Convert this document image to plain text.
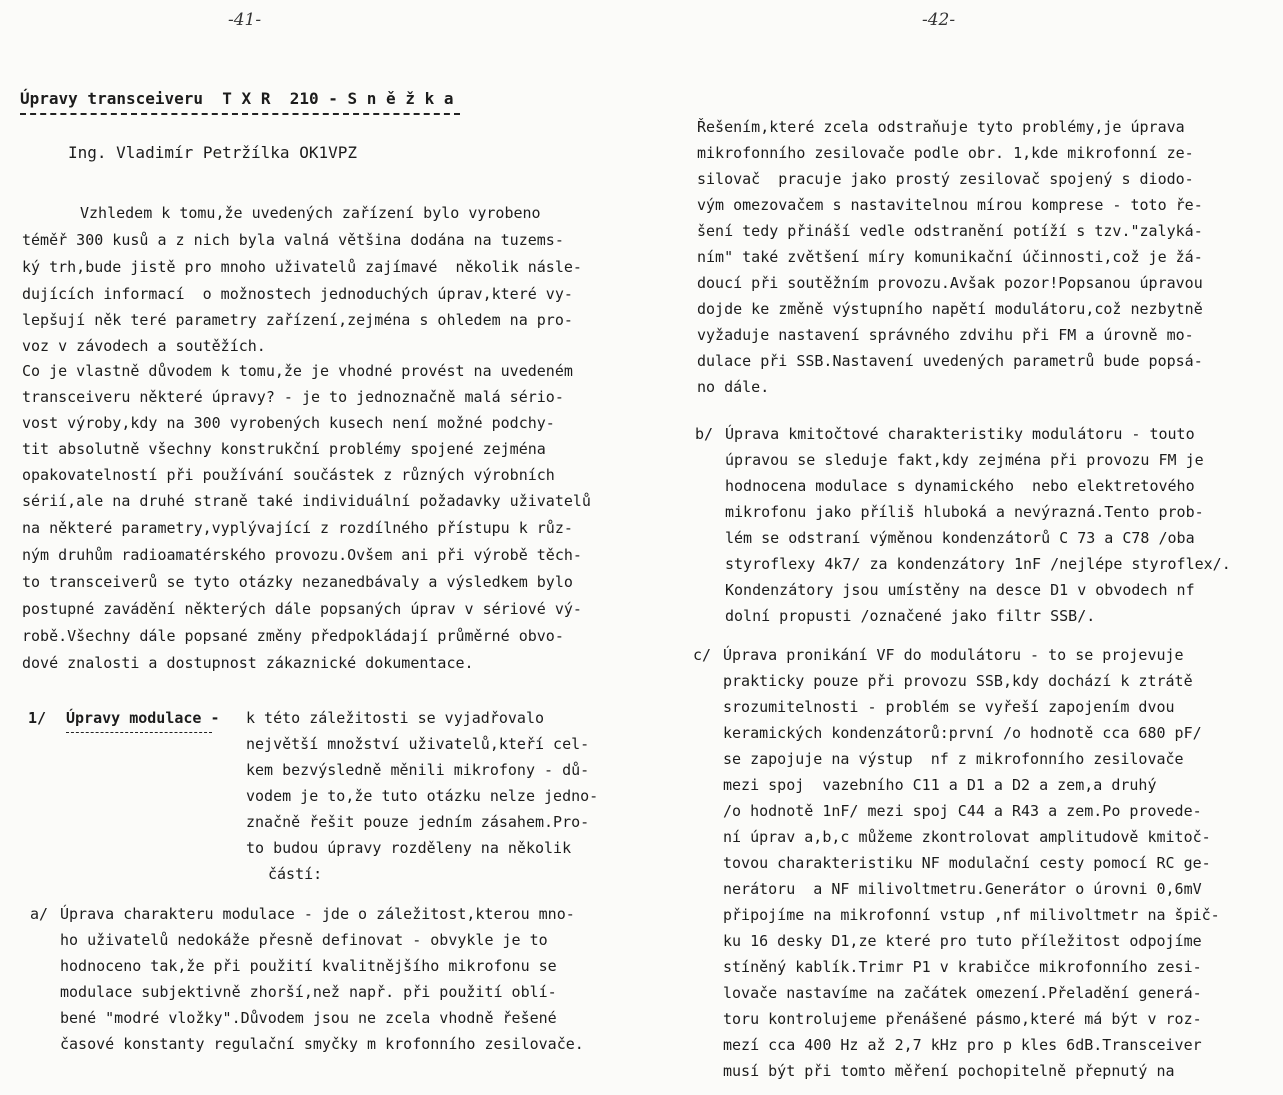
-41-
Úpravy transceiveru  T X R  210 - S n ě ž k a
Ing. Vladimír Petržílka OK1VPZ
Vzhledem k tomu,že uvedených zařízení bylo vyrobeno
téměř 300 kusů a z nich byla valná většina dodána na tuzems-
ký trh,bude jistě pro mnoho uživatelů zajímavé  několik násle-
dujících informací  o možnostech jednoduchých úprav,které vy-
lepšují něk teré parametry zařízení,zejména s ohledem na pro-
voz v závodech a soutěžích.
Co je vlastně důvodem k tomu,že je vhodné provést na uvedeném
transceiveru některé úpravy? - je to jednoznačně malá sério-
vost výroby,kdy na 300 vyrobených kusech není možné podchy-
tit absolutně všechny konstrukční problémy spojené zejména
opakovatelností při používání součástek z různých výrobních
sérií,ale na druhé straně také individuální požadavky uživatelů
na některé parametry,vyplývající z rozdílného přístupu k růz-
ným druhům radioamatérského provozu.Ovšem ani při výrobě těch-
to transceiverů se tyto otázky nezanedbávaly a výsledkem bylo
postupné zavádění některých dále popsaných úprav v sériové vý-
robě.Všechny dále popsané změny předpokládají průměrné obvo-
dové znalosti a dostupnost zákaznické dokumentace.
1/ Úpravy modulace - k této záležitosti se vyjadřovalo
největší množství uživatelů,kteří cel-
kem bezvýsledně měnili mikrofony - dů-
vodem je to,že tuto otázku nelze jedno-
značně řešit pouze jedním zásahem.Pro-
to budou úpravy rozděleny na několik
částí:
a/ Úprava charakteru modulace - jde o záležitost,kterou mno-
ho uživatelů nedokáže přesně definovat - obvykle je to
hodnoceno tak,že při použití kvalitnějšího mikrofonu se
modulace subjektivně zhorší,než např. při použití oblí-
bené "modré vložky".Důvodem jsou ne zcela vhodně řešené
časové konstanty regulační smyčky m krofonního zesilovače.
-42-
Řešením,které zcela odstraňuje tyto problémy,je úprava
mikrofonního zesilovače podle obr. 1,kde mikrofonní ze-
silovač  pracuje jako prostý zesilovač spojený s diodo-
vým omezovačem s nastavitelnou mírou komprese - toto ře-
šení tedy přináší vedle odstranění potíží s tzv."zalyká-
ním" také zvětšení míry komunikační účinnosti,což je žá-
doucí při soutěžním provozu.Avšak pozor!Popsanou úpravou
dojde ke změně výstupního napětí modulátoru,což nezbytně
vyžaduje nastavení správného zdvihu při FM a úrovně mo-
dulace při SSB.Nastavení uvedených parametrů bude popsá-
no dále.
b/ Úprava kmitočtové charakteristiky modulátoru - touto
úpravou se sleduje fakt,kdy zejména při provozu FM je
hodnocena modulace s dynamického  nebo elektretového
mikrofonu jako příliš hluboká a nevýrazná.Tento prob-
lém se odstraní výměnou kondenzátorů C 73 a C78 /oba
styroflexy 4k7/ za kondenzátory 1nF /nejlépe styroflex/.
Kondenzátory jsou umístěny na desce D1 v obvodech nf
dolní propusti /označené jako filtr SSB/.
c/ Úprava pronikání VF do modulátoru - to se projevuje
prakticky pouze při provozu SSB,kdy dochází k ztrátě
srozumitelnosti - problém se vyřeší zapojením dvou
keramických kondenzátorů:první /o hodnotě cca 680 pF/
se zapojuje na výstup  nf z mikrofonního zesilovače
mezi spoj  vazebního C11 a D1 a D2 a zem,a druhý
/o hodnotě 1nF/ mezi spoj C44 a R43 a zem.Po provede-
ní úprav a,b,c můžeme zkontrolovat amplitudově kmitoč-
tovou charakteristiku NF modulační cesty pomocí RC ge-
nerátoru  a NF milivoltmetru.Generátor o úrovni 0,6mV
připojíme na mikrofonní vstup ,nf milivoltmetr na špič-
ku 16 desky D1,ze které pro tuto příležitost odpojíme
stíněný kablík.Trimr P1 v krabičce mikrofonního zesi-
lovače nastavíme na začátek omezení.Přeladění generá-
toru kontrolujeme přenášené pásmo,které má být v roz-
mezí cca 400 Hz až 2,7 kHz pro p kles 6dB.Transceiver
musí být při tomto měření pochopitelně přepnutý na
